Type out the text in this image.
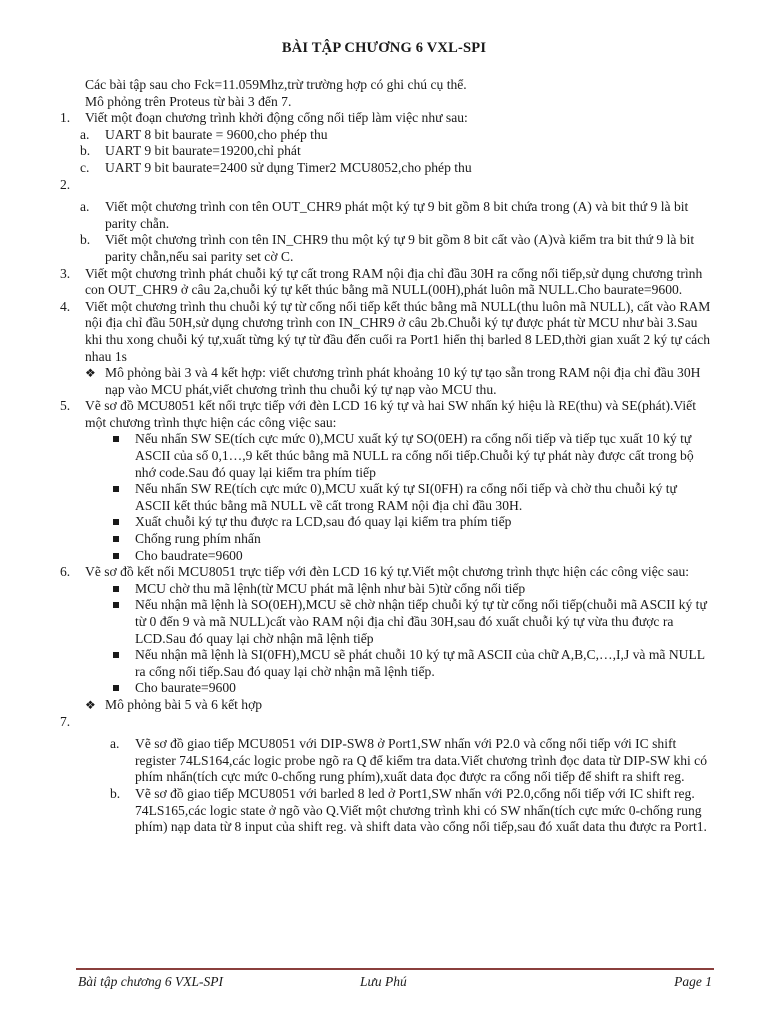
BÀI TẬP CHƯƠNG 6 VXL-SPI
Các bài tập sau cho Fck=11.059Mhz,trừ trường hợp có ghi chú cụ thể.
Mô phỏng trên Proteus từ bài 3 đến 7.
1. Viết một đoạn chương trình khởi động cổng nối tiếp làm việc như sau:
a. UART 8 bit baurate = 9600,cho phép thu
b. UART 9 bit baurate=19200,chỉ phát
c. UART 9 bit baurate=2400 sử dụng Timer2 MCU8052,cho phép thu
2.

a. Viết một chương trình con tên OUT_CHR9 phát một ký tự 9 bit gồm 8 bit chứa trong (A) và bit thứ 9 là bit parity chẵn.
b. Viết một chương trình con tên IN_CHR9 thu một ký tự 9 bit gồm 8 bit cất vào (A)và kiểm tra bit thứ 9 là bit parity chẵn,nếu sai parity set cờ C.
3. Viết một chương trình phát chuỗi ký tự cất trong RAM nội địa chỉ đầu 30H ra cổng nối tiếp,sử dụng chương trình con OUT_CHR9 ở câu 2a,chuỗi ký tự kết thúc bằng mã NULL(00H),phát luôn mã NULL.Cho baurate=9600.
4. Viết một chương trình thu chuỗi ký tự từ cổng nối tiếp kết thúc bằng mã NULL(thu luôn mã NULL), cất vào RAM nội địa chỉ đầu 50H,sử dụng chương trình con IN_CHR9 ở câu 2b.Chuỗi ký tự được phát từ MCU như bài 3.Sau khi thu xong chuỗi ký tự,xuất từng ký tự từ đầu đến cuối ra Port1 hiển thị barled 8 LED,thời gian xuất 2 ký tự cách nhau 1s
❖ Mô phỏng bài 3 và 4 kết hợp: viết chương trình phát khoảng 10 ký tự tạo sẵn trong RAM nội địa chỉ đầu 30H nạp vào MCU phát,viết chương trình thu chuỗi ký tự nạp vào MCU thu.
5. Vẽ sơ đồ MCU8051 kết nối trực tiếp với đèn LCD 16 ký tự và hai SW nhấn ký hiệu là RE(thu) và SE(phát).Viết một chương trình thực hiện các công việc sau:
Nếu nhấn SW SE(tích cực mức 0),MCU xuất ký tự SO(0EH) ra cổng nối tiếp và tiếp tục xuất 10 ký tự ASCII của số 0,1…,9 kết thúc bằng mã NULL ra cổng nối tiếp.Chuỗi ký tự phát này được cất trong bộ nhớ code.Sau đó quay lại kiểm tra phím tiếp
Nếu nhấn SW RE(tích cực mức 0),MCU xuất ký tự SI(0FH) ra cổng nối tiếp và chờ thu chuỗi ký tự ASCII kết thúc bằng mã NULL về cất trong RAM nội địa chỉ đầu 30H.
Xuất chuỗi ký tự thu được ra LCD,sau đó quay lại kiểm tra phím tiếp
Chống rung phím nhấn
Cho baudrate=9600
6. Vẽ sơ đồ kết nối MCU8051 trực tiếp với đèn LCD 16 ký tự.Viết một chương trình thực hiện các công việc sau:
MCU chờ thu mã lệnh(từ MCU phát mã lệnh như bài 5)từ cổng nối tiếp
Nếu nhận mã lệnh là SO(0EH),MCU sẽ chờ nhận tiếp chuỗi ký tự từ cổng nối tiếp(chuỗi mã ASCII ký tự từ 0 đến 9 và mã NULL)cất vào RAM nội địa chỉ đầu 30H,sau đó xuất chuỗi ký tự vừa thu được ra LCD.Sau đó quay lại chờ nhận mã lệnh tiếp
Nếu nhận mã lệnh là SI(0FH),MCU sẽ phát chuỗi 10 ký tự mã ASCII của chữ A,B,C,…,I,J và mã NULL ra cổng nối tiếp.Sau đó quay lại chờ nhận mã lệnh tiếp.
Cho baurate=9600
❖ Mô phỏng bài 5 và 6 kết hợp
7.

a. Vẽ sơ đồ giao tiếp MCU8051 với DIP-SW8 ở Port1,SW nhấn với P2.0 và cổng nối tiếp với IC shift register 74LS164,các logic probe ngõ ra Q để kiểm tra data.Viết chương trình đọc data từ DIP-SW khi có phím nhấn(tích cực mức 0-chống rung phím),xuất data đọc được ra cổng nối tiếp để shift ra shift reg.
b. Vẽ sơ đồ giao tiếp MCU8051 với barled 8 led ở Port1,SW nhấn với P2.0,cổng nối tiếp với IC shift reg. 74LS165,các logic state ở ngõ vào Q.Viết một chương trình khi có SW nhấn(tích cực mức 0-chống rung phím) nạp data từ 8 input của shift reg. và shift data vào cổng nối tiếp,sau đó xuất data thu được ra Port1.
Bài tập chương 6 VXL-SPI	Lưu Phú	Page 1
